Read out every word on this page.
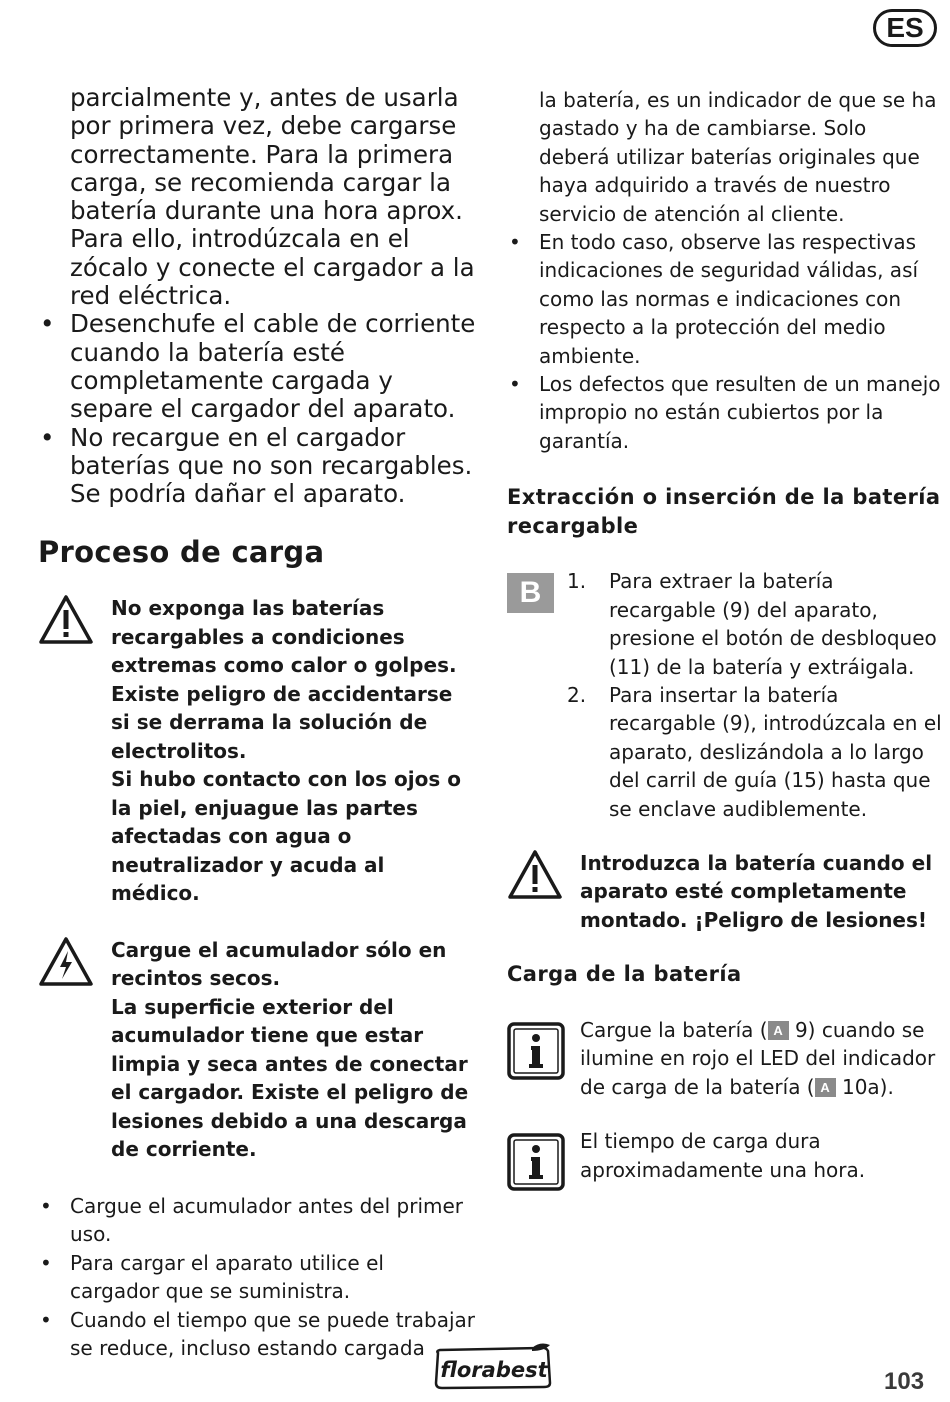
ES

parcialmente y, antes de usarla por primera vez, debe cargarse correctamente. Para la primera carga, se recomienda cargar la batería durante una hora aprox. Para ello, introdúzcala en el zócalo y conecte el cargador a la red eléctrica.

• Desenchufe el cable de corriente cuando la batería esté completamente cargada y separe el cargador del aparato.
• No recargue en el cargador baterías que no son recargables. Se podría dañar el aparato.
Proceso de carga

No exponga las baterías recargables a condiciones extremas como calor o golpes. Existe peligro de accidentarse si se derrama la solución de electrolitos.

Si hubo contacto con los ojos o la piel, enjuague las partes afectadas con agua o neutralizador y acuda al médico.

Cargue el acumulador sólo en recintos secos.

La superficie exterior del acumulador tiene que estar limpia y seca antes de conectar el cargador. Existe el peligro de lesiones debido a una descarga de corriente.

• Cargue el acumulador antes del primer uso.
• Para cargar el aparato utilice el cargador que se suministra.
• Cuando el tiempo que se puede trabajar se reduce, incluso estando cargada

la batería, es un indicador de que se ha gastado y ha de cambiarse. Solo deberá utilizar baterías originales que haya adquirido a través de nuestro servicio de atención al cliente.

• En todo caso, observe las respectivas indicaciones de seguridad válidas, así como las normas e indicaciones con respecto a la protección del medio ambiente.
• Los defectos que resulten de un manejo impropio no están cubiertos por la garantía.
Extracción o inserción de la batería recargable
B	1. Para extraer la batería recargable (9) del aparato, presione el botón de desbloqueo (11) de la batería y extráigala.
2. Para insertar la batería recargable (9), introdúzcala en el aparato, deslizándola a lo largo del carril de guía (15) hasta que se enclave audiblemente.

Introduzca la batería cuando el aparato esté completamente montado. ¡Peligro de lesiones!

Carga de la batería

Cargue la batería ( A 9) cuando se ilumine en rojo el LED del indicador de carga de la batería ( A 10a).

El tiempo de carga dura aproximadamente una hora.

florabest	103
